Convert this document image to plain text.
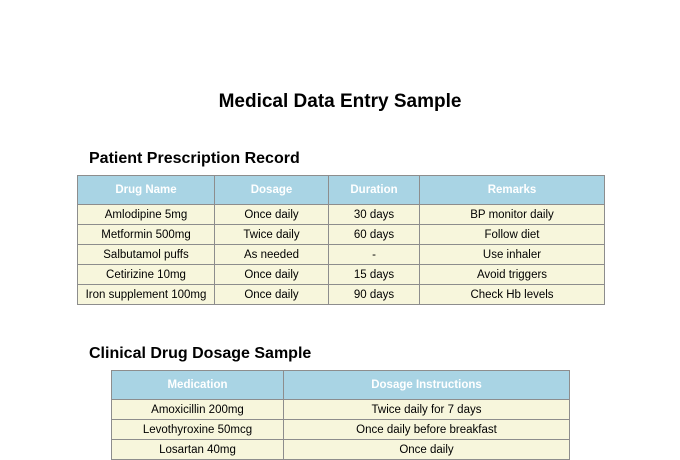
Medical Data Entry Sample
Patient Prescription Record
Drug Name	Dosage	Duration	Remarks
Amlodipine 5mg	Once daily	30 days	BP monitor daily
Metformin 500mg	Twice daily	60 days	Follow diet
Salbutamol puffs	As needed	-	Use inhaler
Cetirizine 10mg	Once daily	15 days	Avoid triggers
Iron supplement 100mg	Once daily	90 days	Check Hb levels
Clinical Drug Dosage Sample
Medication	Dosage Instructions
Amoxicillin 200mg	Twice daily for 7 days
Levothyroxine 50mcg	Once daily before breakfast
Losartan 40mg	Once daily
